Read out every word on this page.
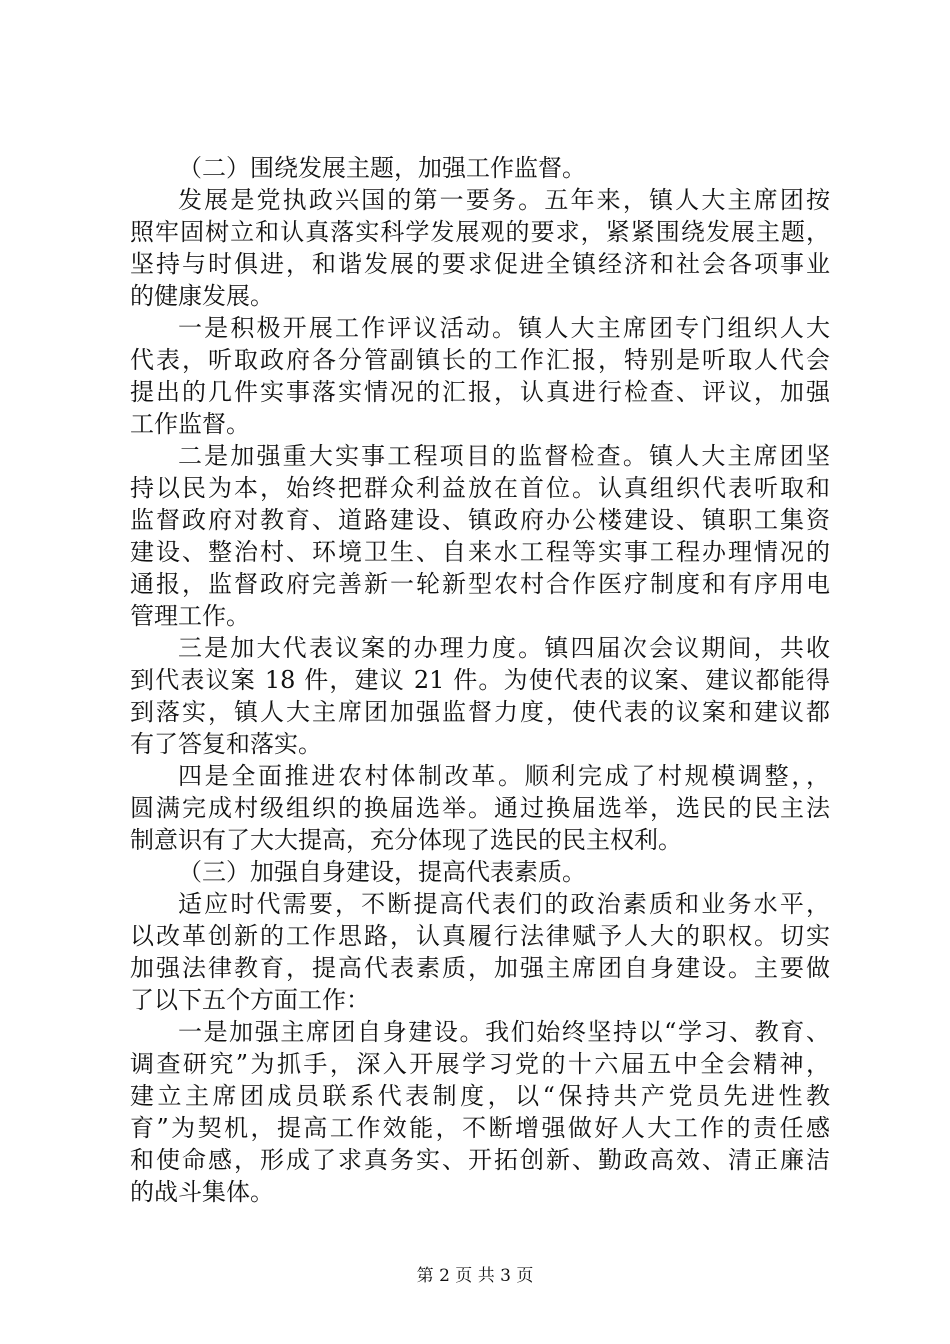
（二）围绕发展主题，加强工作监督。
发展是党执政兴国的第一要务。五年来，镇人大主席团按
照牢固树立和认真落实科学发展观的要求，紧紧围绕发展主题，
坚持与时俱进，和谐发展的要求促进全镇经济和社会各项事业
的健康发展。
一是积极开展工作评议活动。镇人大主席团专门组织人大
代表，听取政府各分管副镇长的工作汇报，特别是听取人代会
提出的几件实事落实情况的汇报，认真进行检查、评议，加强
工作监督。
二是加强重大实事工程项目的监督检查。镇人大主席团坚
持以民为本，始终把群众利益放在首位。认真组织代表听取和
监督政府对教育、道路建设、镇政府办公楼建设、镇职工集资
建设、整治村、环境卫生、自来水工程等实事工程办理情况的
通报，监督政府完善新一轮新型农村合作医疗制度和有序用电
管理工作。
三是加大代表议案的办理力度。镇四届次会议期间，共收
到代表议案 18 件，建议 21 件。为使代表的议案、建议都能得
到落实，镇人大主席团加强监督力度，使代表的议案和建议都
有了答复和落实。
四是全面推进农村体制改革。顺利完成了村规模调整，，
圆满完成村级组织的换届选举。通过换届选举，选民的民主法
制意识有了大大提高，充分体现了选民的民主权利。
（三）加强自身建设，提高代表素质。
适应时代需要，不断提高代表们的政治素质和业务水平，
以改革创新的工作思路，认真履行法律赋予人大的职权。切实
加强法律教育，提高代表素质，加强主席团自身建设。主要做
了以下五个方面工作：
一是加强主席团自身建设。我们始终坚持以“学习、教育、
调查研究”为抓手，深入开展学习党的十六届五中全会精神，
建立主席团成员联系代表制度，以“保持共产党员先进性教
育”为契机，提高工作效能，不断增强做好人大工作的责任感
和使命感，形成了求真务实、开拓创新、勤政高效、清正廉洁
的战斗集体。
第 2 页 共 3 页
